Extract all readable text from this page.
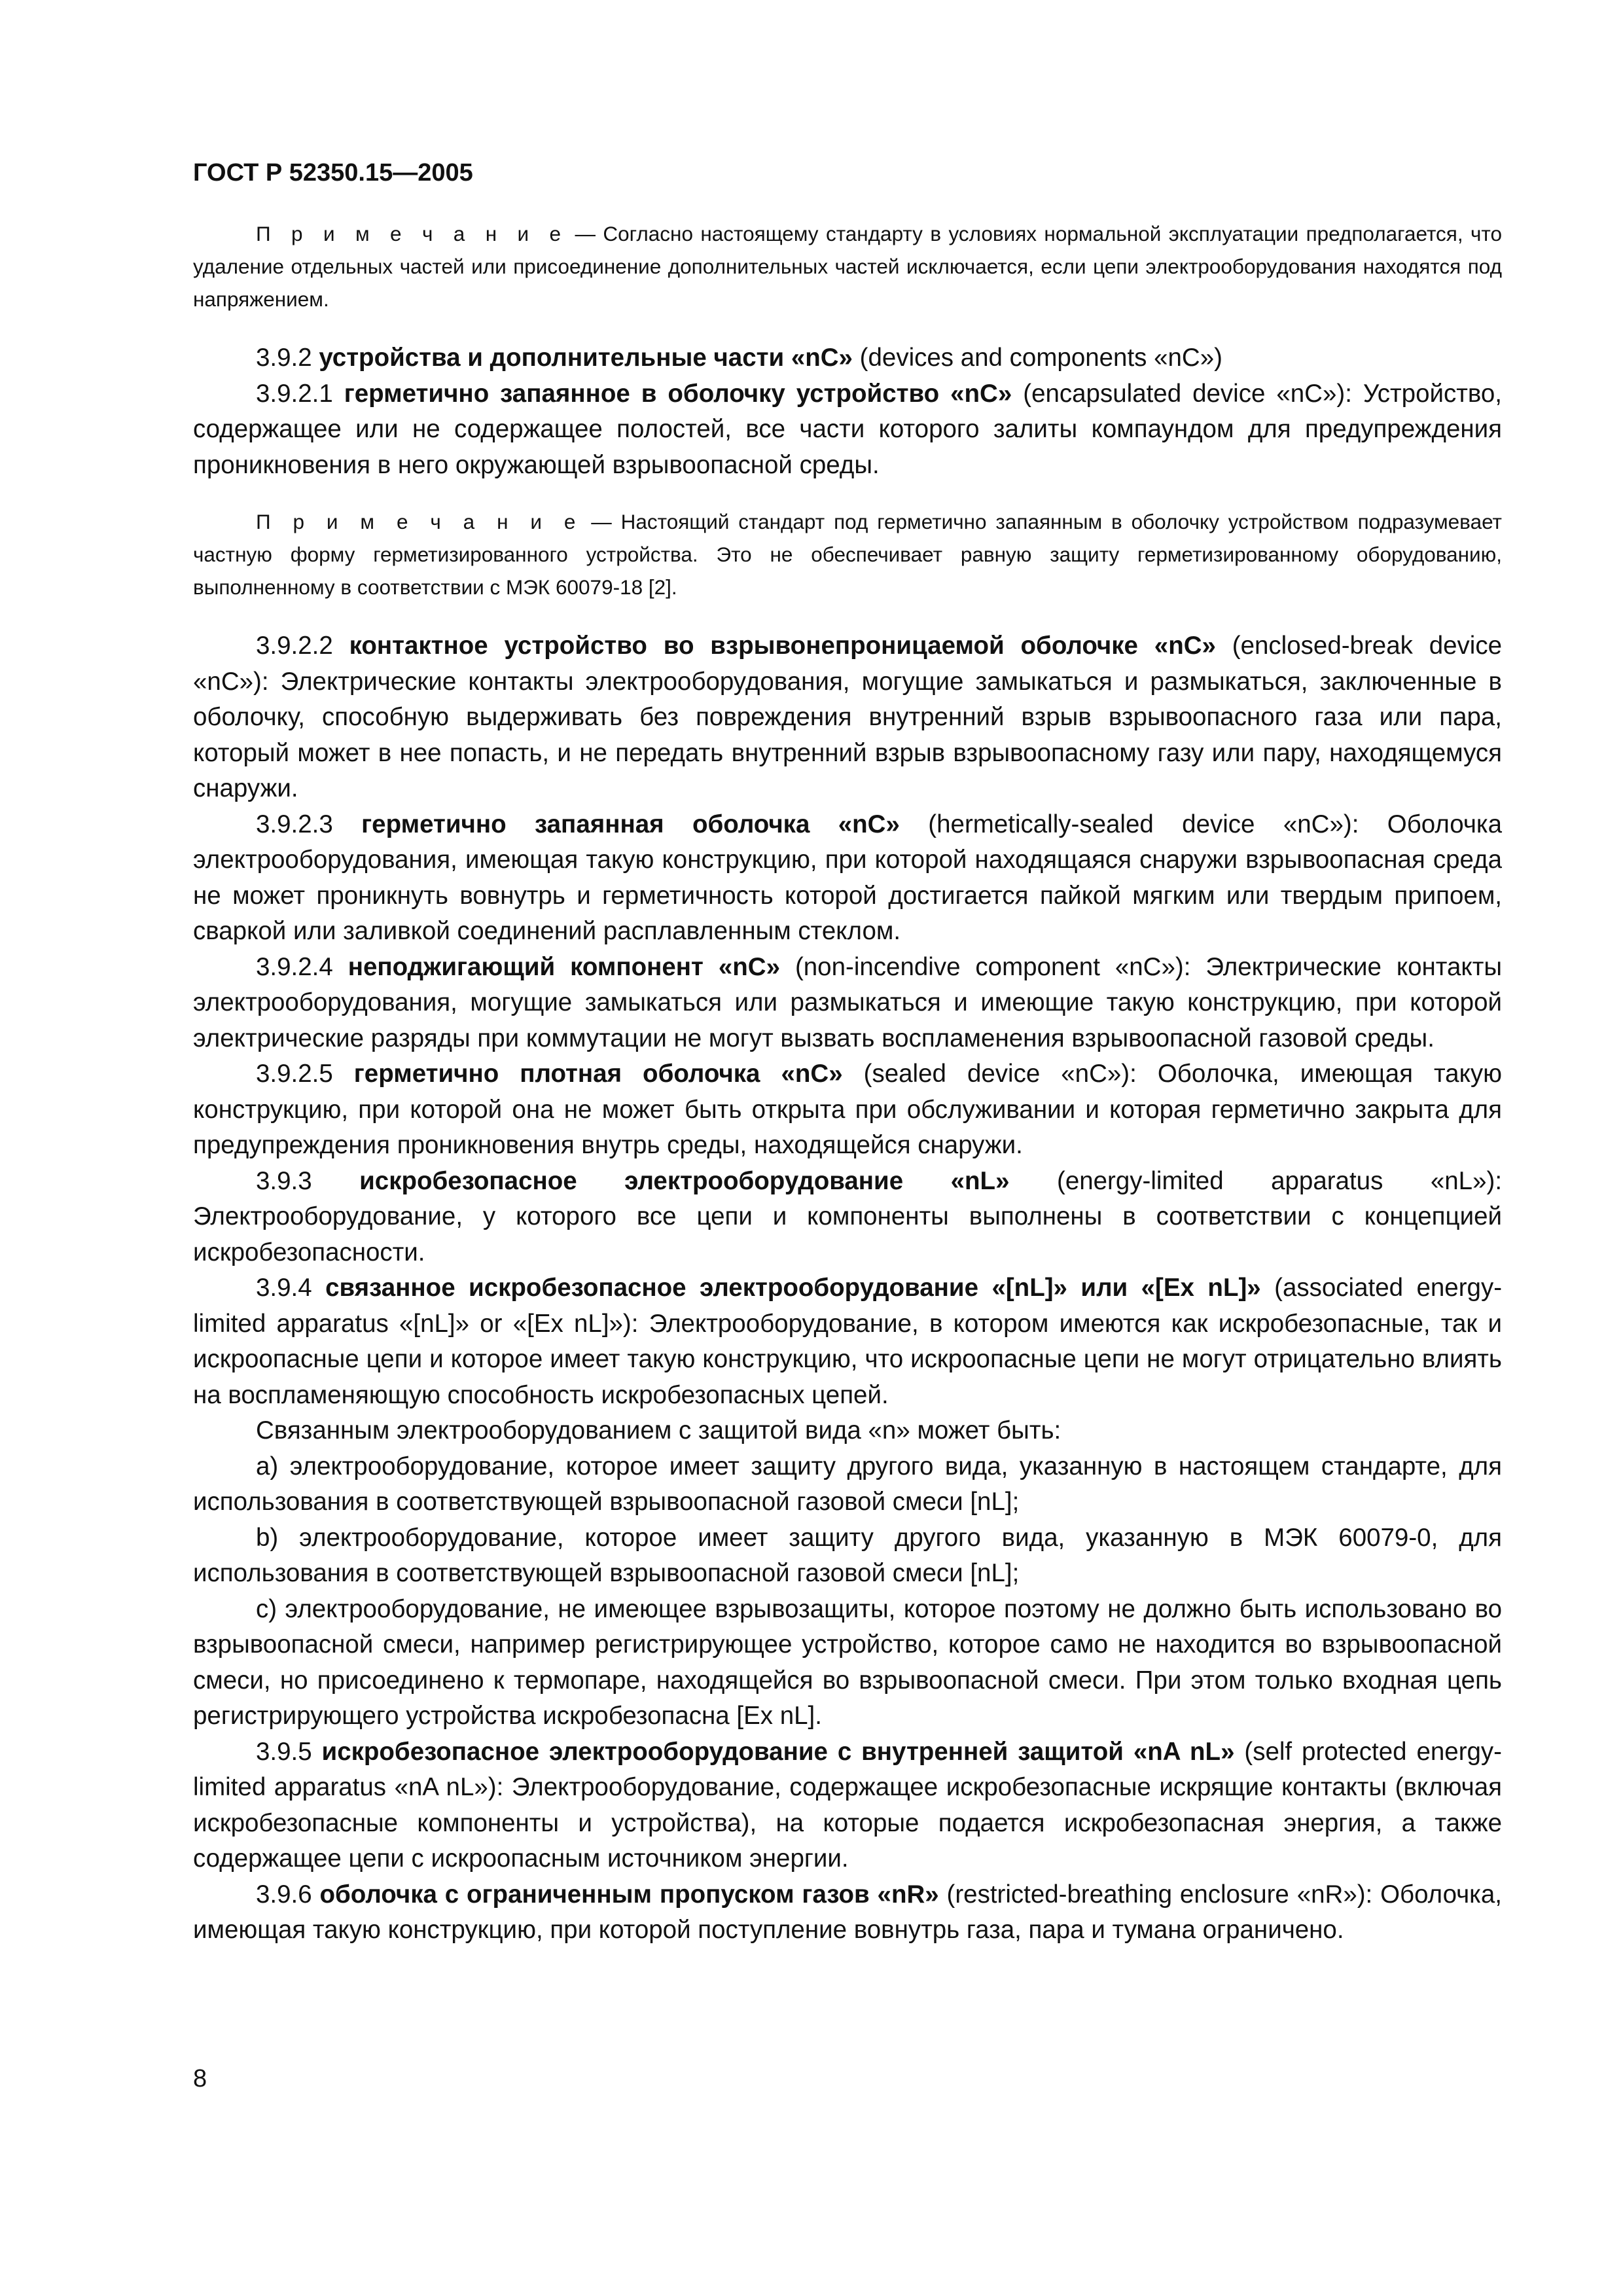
ГОСТ Р 52350.15—2005

П р и м е ч а н и е — Согласно настоящему стандарту в условиях нормальной эксплуатации предполагается, что удаление отдельных частей или присоединение дополнительных частей исключается, если цепи электрооборудования находятся под напряжением.

3.9.2 устройства и дополнительные части «nC» (devices and components «nC»)

3.9.2.1 герметично запаянное в оболочку устройство «nC» (encapsulated device «nC»): Устройство, содержащее или не содержащее полостей, все части которого залиты компаундом для предупреждения проникновения в него окружающей взрывоопасной среды.

П р и м е ч а н и е — Настоящий стандарт под герметично запаянным в оболочку устройством подразумевает частную форму герметизированного устройства. Это не обеспечивает равную защиту герметизированному оборудованию, выполненному в соответствии с МЭК 60079-18 [2].

3.9.2.2 контактное устройство во взрывонепроницаемой оболочке «nC» (enclosed-break device «nC»): Электрические контакты электрооборудования, могущие замыкаться и размыкаться, заключенные в оболочку, способную выдерживать без повреждения внутренний взрыв взрывоопасного газа или пара, который может в нее попасть, и не передать внутренний взрыв взрывоопасному газу или пару, находящемуся снаружи.

3.9.2.3 герметично запаянная оболочка «nC» (hermetically-sealed device «nC»): Оболочка электрооборудования, имеющая такую конструкцию, при которой находящаяся снаружи взрывоопасная среда не может проникнуть вовнутрь и герметичность которой достигается пайкой мягким или твердым припоем, сваркой или заливкой соединений расплавленным стеклом.

3.9.2.4 неподжигающий компонент «nC» (non-incendive component «nC»): Электрические контакты электрооборудования, могущие замыкаться или размыкаться и имеющие такую конструкцию, при которой электрические разряды при коммутации не могут вызвать воспламенения взрывоопасной газовой среды.

3.9.2.5 герметично плотная оболочка «nC» (sealed device «nC»): Оболочка, имеющая такую конструкцию, при которой она не может быть открыта при обслуживании и которая герметично закрыта для предупреждения проникновения внутрь среды, находящейся снаружи.

3.9.3 искробезопасное электрооборудование «nL» (energy-limited apparatus «nL»): Электрооборудование, у которого все цепи и компоненты выполнены в соответствии с концепцией искробезопасности.

3.9.4 связанное искробезопасное электрооборудование «[nL]» или «[Ex nL]» (associated energy-limited apparatus «[nL]» or «[Ex nL]»): Электрооборудование, в котором имеются как искробезопасные, так и искроопасные цепи и которое имеет такую конструкцию, что искроопасные цепи не могут отрицательно влиять на воспламеняющую способность искробезопасных цепей.

Связанным электрооборудованием с защитой вида «n» может быть:

a) электрооборудование, которое имеет защиту другого вида, указанную в настоящем стандарте, для использования в соответствующей взрывоопасной газовой смеси [nL];

b) электрооборудование, которое имеет защиту другого вида, указанную в МЭК 60079-0, для использования в соответствующей взрывоопасной газовой смеси [nL];

c) электрооборудование, не имеющее взрывозащиты, которое поэтому не должно быть использовано во взрывоопасной смеси, например регистрирующее устройство, которое само не находится во взрывоопасной смеси, но присоединено к термопаре, находящейся во взрывоопасной смеси. При этом только входная цепь регистрирующего устройства искробезопасна [Ex nL].

3.9.5 искробезопасное электрооборудование с внутренней защитой «nA nL» (self protected energy-limited apparatus «nA nL»): Электрооборудование, содержащее искробезопасные искрящие контакты (включая искробезопасные компоненты и устройства), на которые подается искробезопасная энергия, а также содержащее цепи с искроопасным источником энергии.

3.9.6 оболочка с ограниченным пропуском газов «nR» (restricted-breathing enclosure «nR»): Оболочка, имеющая такую конструкцию, при которой поступление вовнутрь газа, пара и тумана ограничено.

8
